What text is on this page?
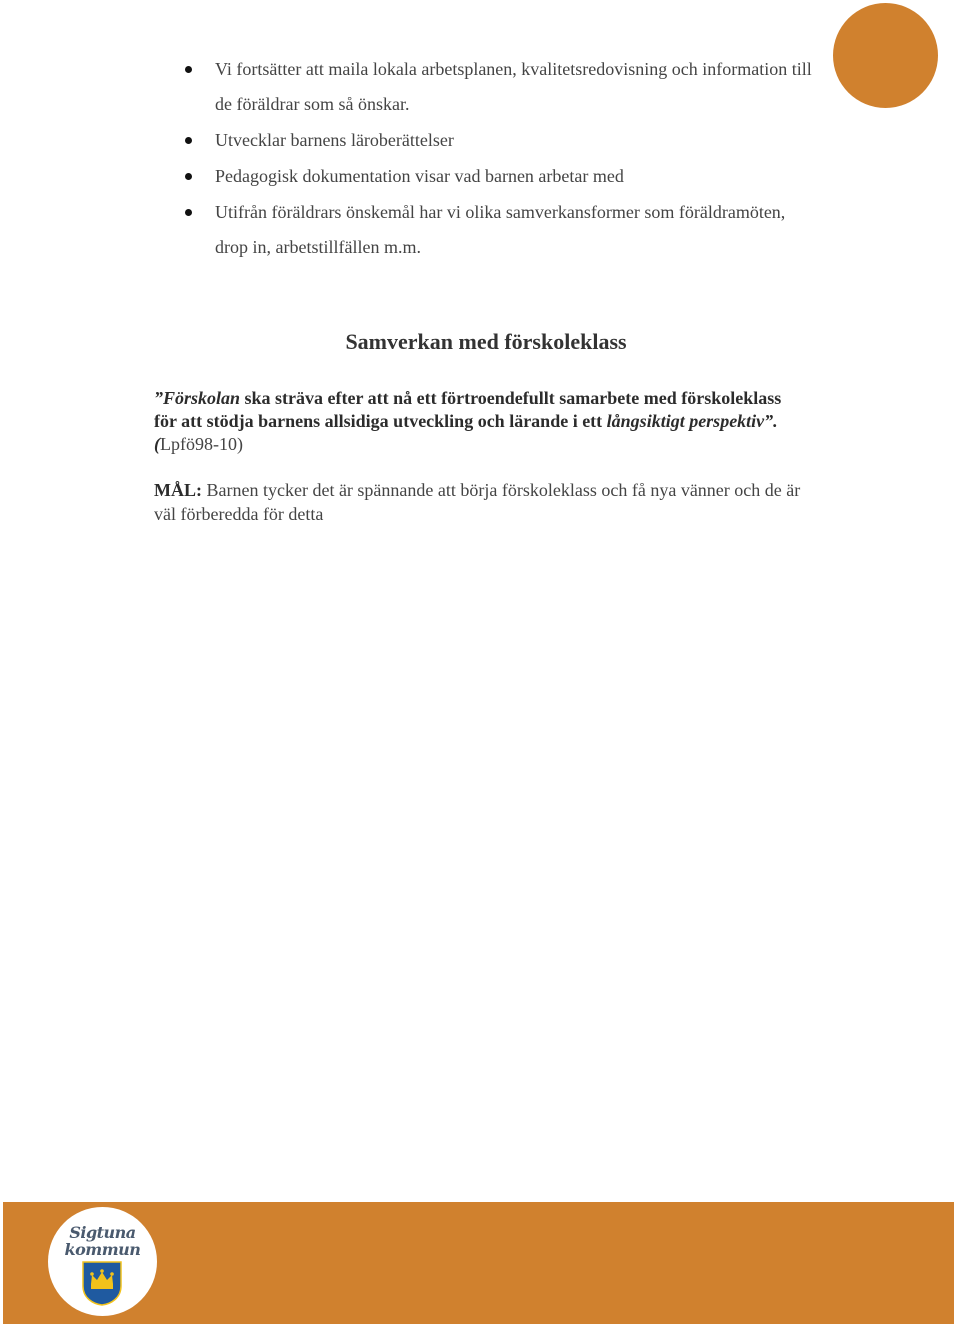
Vi fortsätter att maila lokala arbetsplanen, kvalitetsredovisning och information till de föräldrar som så önskar.
Utvecklar barnens läroberättelser
Pedagogisk dokumentation visar vad barnen arbetar med
Utifrån föräldrars önskemål har vi olika samverkansformer som föräldramöten, drop in, arbetstillfällen m.m.
Samverkan med förskoleklass

”Förskolan ska sträva efter att nå ett förtroendefullt samarbete med förskoleklass för att stödja barnens allsidiga utveckling och lärande i ett långsiktigt perspektiv”.(Lpfö98-10)

MÅL: Barnen tycker det är spännande att börja förskoleklass och få nya vänner och de är väl förberedda för detta

Sigtuna
kommun
